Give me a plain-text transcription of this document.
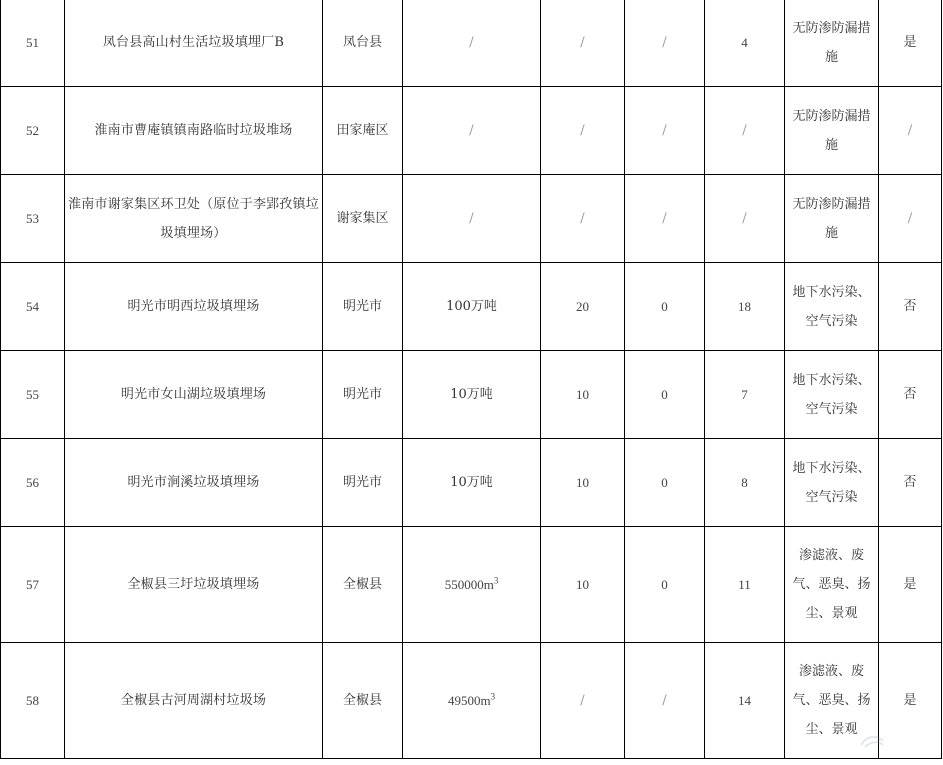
51	凤台县高山村生活垃圾填埋厂B	凤台县	/	/	/	4	无防渗防漏措施	是
52	淮南市曹庵镇镇南路临时垃圾堆场	田家庵区	/	/	/	/	无防渗防漏措施	/
53	淮南市谢家集区环卫处（原位于李郢孜镇垃圾填埋场）	谢家集区	/	/	/	/	无防渗防漏措施	/
54	明光市明西垃圾填埋场	明光市	100万吨	20	0	18	地下水污染、空气污染	否
55	明光市女山湖垃圾填埋场	明光市	10万吨	10	0	7	地下水污染、空气污染	否
56	明光市涧溪垃圾填埋场	明光市	10万吨	10	0	8	地下水污染、空气污染	否
57	全椒县三圩垃圾填埋场	全椒县	$550000m^3$	10	0	11	渗滤液、废气、恶臭、扬尘、景观	是
58	全椒县古河周湖村垃圾场	全椒县	$49500m^3$	/	/	14	渗滤液、废气、恶臭、扬尘、景观	是
